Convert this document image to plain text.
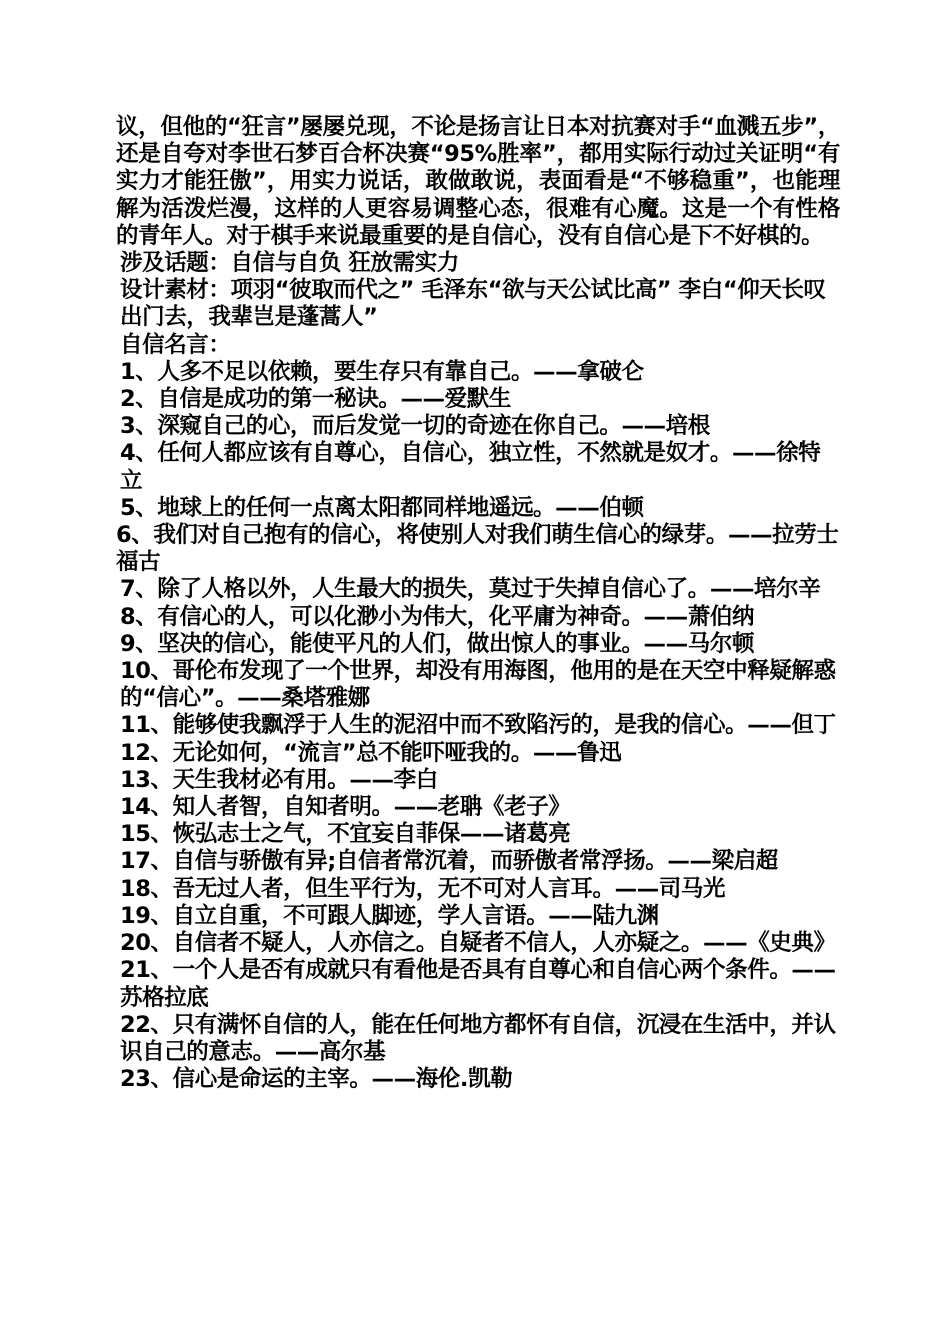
议，但他的“狂言”屡屡兑现，不论是扬言让日本对抗赛对手“血溅五步”，还是自夸对李世石梦百合杯决赛“95%胜率”，都用实际行动过关证明“有实力才能狂傲”，用实力说话，敢做敢说，表面看是“不够稳重”，也能理解为活泼烂漫，这样的人更容易调整心态，很难有心魔。这是一个有性格的青年人。对于棋手来说最重要的是自信心，没有自信心是下不好棋的。

涉及话题：自信与自负 狂放需实力

设计素材：项羽“彼取而代之” 毛泽东“欲与天公试比高” 李白“仰天长叹出门去，我辈岂是蓬蒿人”

自信名言：

1、人多不足以依赖，要生存只有靠自己。——拿破仑

2、自信是成功的第一秘诀。——爱默生

3、深窥自己的心，而后发觉一切的奇迹在你自己。——培根

4、任何人都应该有自尊心，自信心，独立性，不然就是奴才。——徐特立

5、地球上的任何一点离太阳都同样地遥远。——伯顿

6、我们对自己抱有的信心，将使别人对我们萌生信心的绿芽。——拉劳士福古

7、除了人格以外，人生最大的损失，莫过于失掉自信心了。——培尔辛

8、有信心的人，可以化渺小为伟大，化平庸为神奇。——萧伯纳

9、坚决的信心，能使平凡的人们，做出惊人的事业。——马尔顿

10、哥伦布发现了一个世界，却没有用海图，他用的是在天空中释疑解惑的“信心”。——桑塔雅娜

11、能够使我飘浮于人生的泥沼中而不致陷污的，是我的信心。——但丁

12、无论如何，“流言”总不能吓哑我的。——鲁迅

13、天生我材必有用。——李白

14、知人者智，自知者明。——老聃《老子》

15、恢弘志士之气，不宜妄自菲保——诸葛亮

17、自信与骄傲有异;自信者常沉着，而骄傲者常浮扬。——梁启超

18、吾无过人者，但生平行为，无不可对人言耳。——司马光

19、自立自重，不可跟人脚迹，学人言语。——陆九渊

20、自信者不疑人，人亦信之。自疑者不信人，人亦疑之。——《史典》

21、一个人是否有成就只有看他是否具有自尊心和自信心两个条件。——苏格拉底

22、只有满怀自信的人，能在任何地方都怀有自信，沉浸在生活中，并认识自己的意志。——高尔基

23、信心是命运的主宰。——海伦.凯勒
